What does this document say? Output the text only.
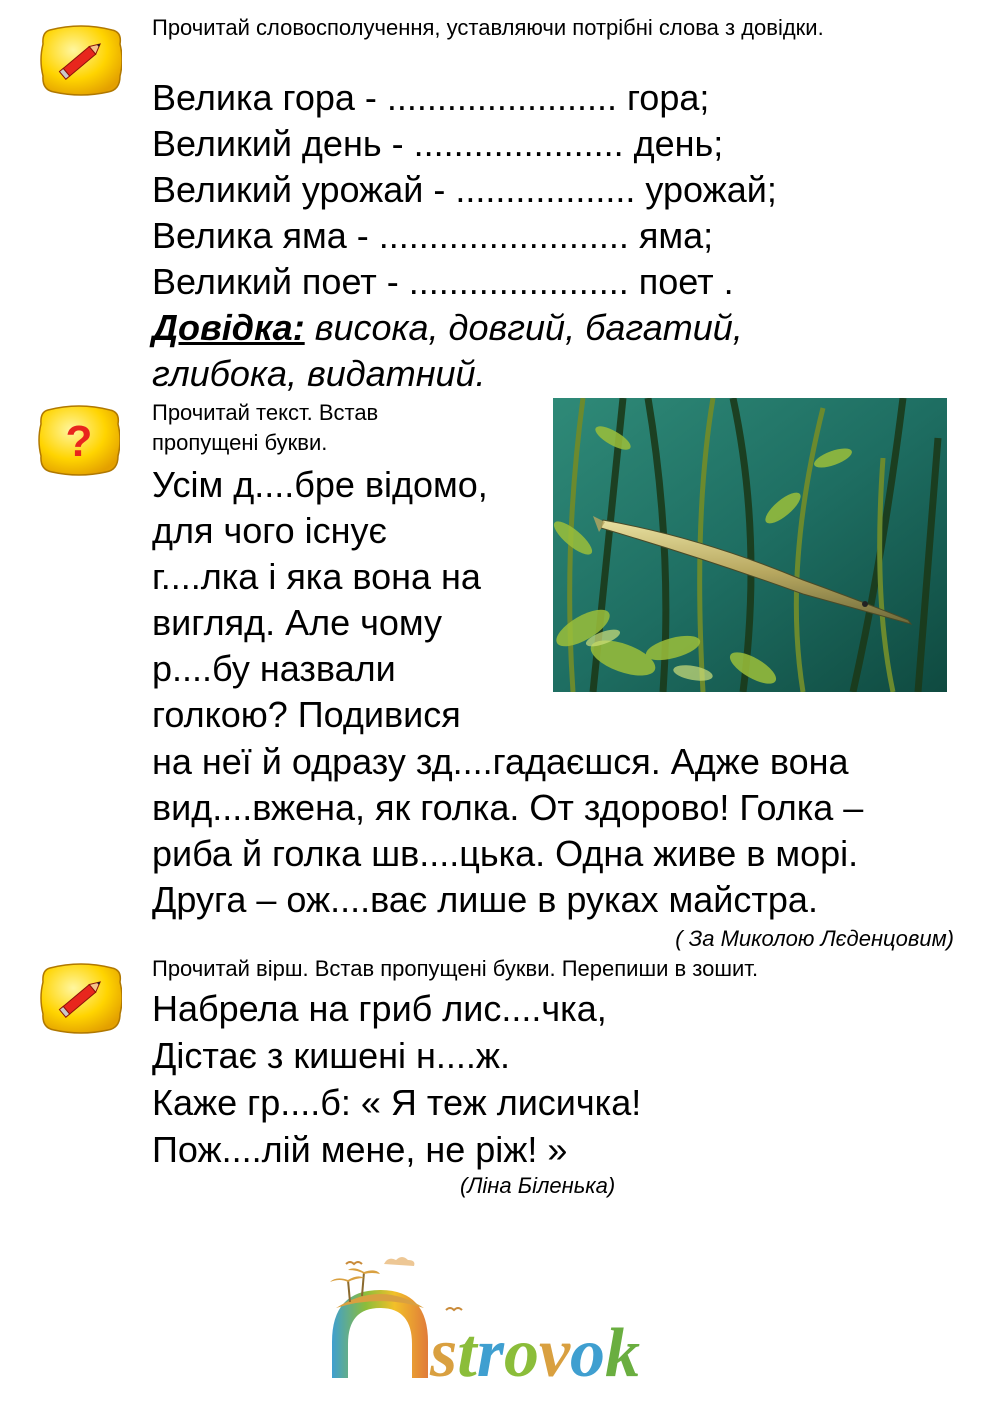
Прочитай словосполучення, уставляючи потрібні слова з довідки.

Велика гора - ....................... гора;

Великий день - ..................... день;

Великий урожай - .................. урожай;

Велика яма - ......................... яма;

Великий поет - ...................... поет .

Довідка: висока, довгий, багатий,

глибока, видатний.

?

Прочитай текст. Встав

пропущені букви.

Усім д....бре відомо,

для чого існує

г....лка і яка вона на

вигляд. Але чому

р....бу назвали

голкою? Подивися

на неї й одразу зд....гадаєшся. Адже вона

вид....вжена, як голка. От здорово! Голка –

риба й голка шв....цька. Одна живе в морі.

Друга – ож....ває лише в руках майстра.

( За Миколою Лєденцовим)

Прочитай вірш. Встав пропущені букви. Перепиши в зошит.

Набрела на гриб лис....чка,

Дістає з кишені н....ж.

Каже гр....б: « Я теж лисичка!

Пож....лій мене, не ріж! »

(Ліна Біленька)

strovok
